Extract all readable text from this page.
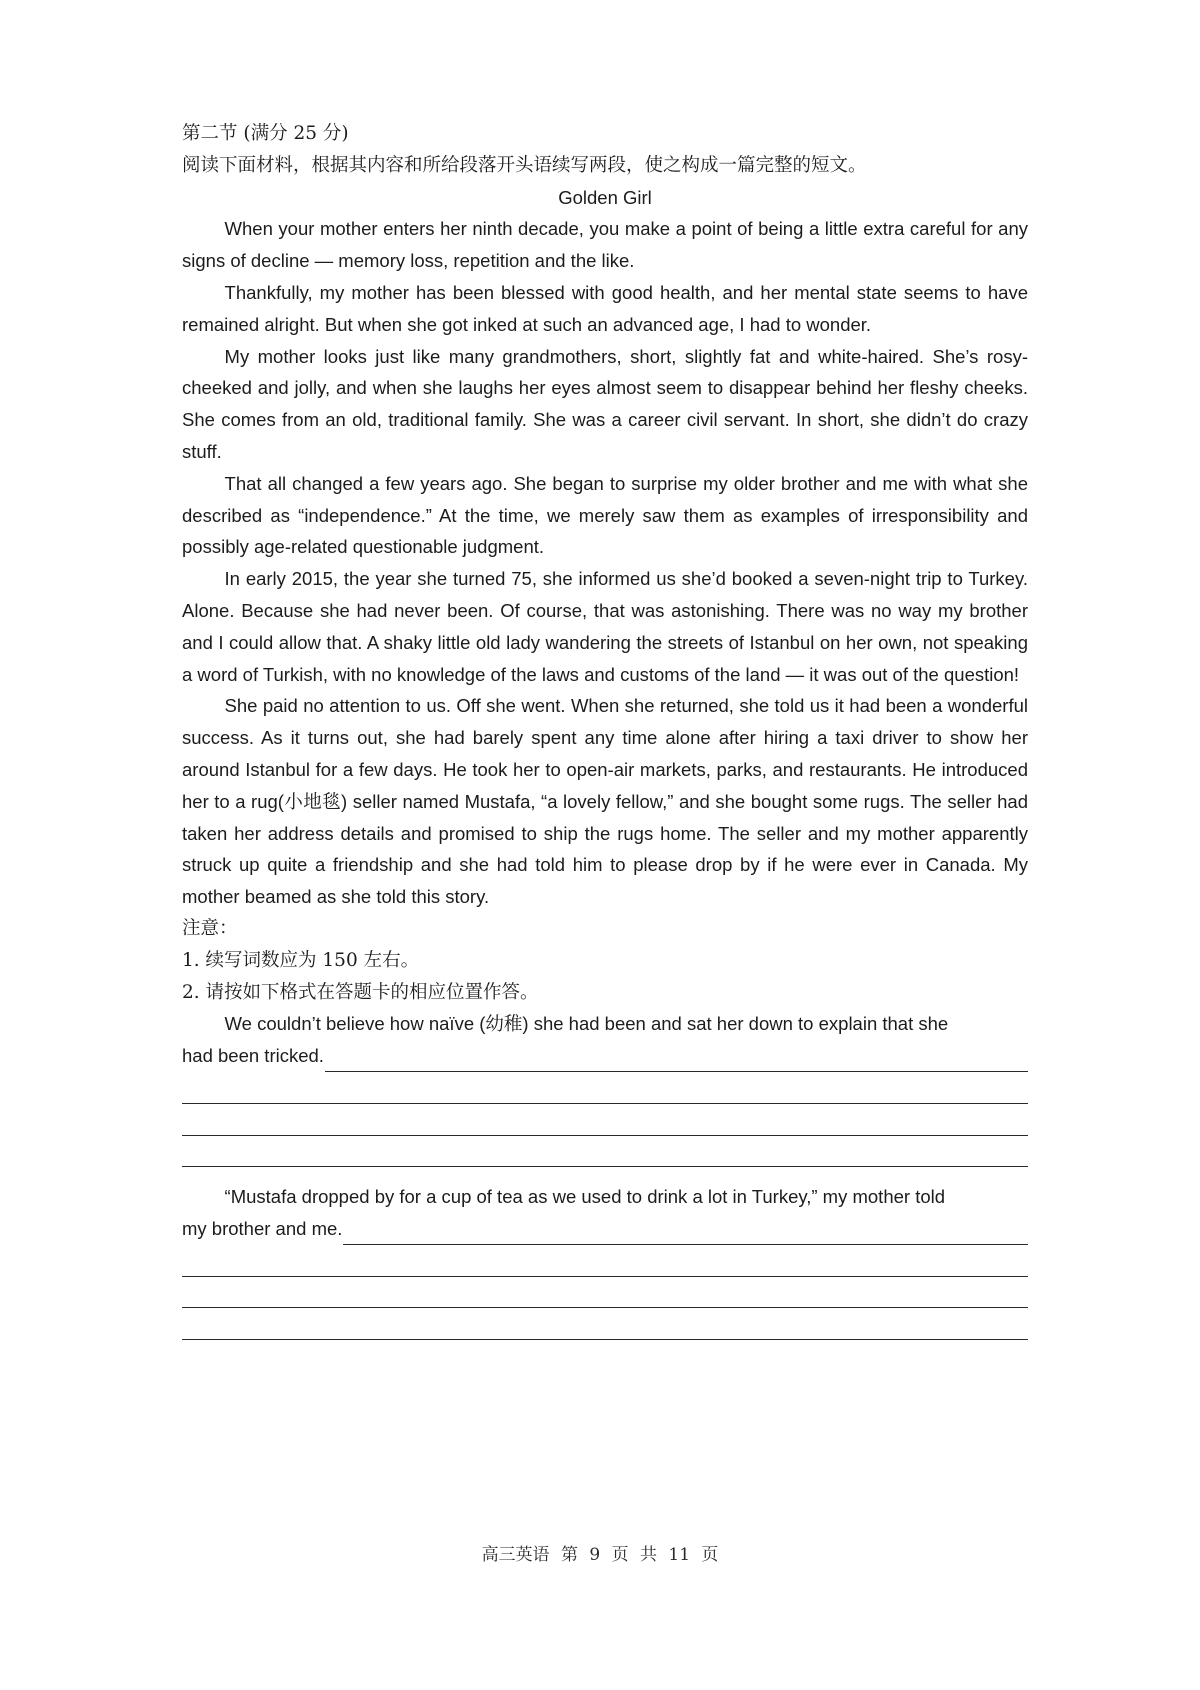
第二节 (满分 25 分)

阅读下面材料，根据其内容和所给段落开头语续写两段，使之构成一篇完整的短文。

Golden Girl

When your mother enters her ninth decade, you make a point of being a little extra careful for any signs of decline — memory loss, repetition and the like.

Thankfully, my mother has been blessed with good health, and her mental state seems to have remained alright. But when she got inked at such an advanced age, I had to wonder.

My mother looks just like many grandmothers, short, slightly fat and white-haired. She’s rosy-cheeked and jolly, and when she laughs her eyes almost seem to disappear behind her fleshy cheeks. She comes from an old, traditional family. She was a career civil servant. In short, she didn’t do crazy stuff.

That all changed a few years ago. She began to surprise my older brother and me with what she described as “independence.” At the time, we merely saw them as examples of irresponsibility and possibly age-related questionable judgment.

In early 2015, the year she turned 75, she informed us she’d booked a seven-night trip to Turkey. Alone. Because she had never been. Of course, that was astonishing. There was no way my brother and I could allow that. A shaky little old lady wandering the streets of Istanbul on her own, not speaking a word of Turkish, with no knowledge of the laws and customs of the land — it was out of the question!

She paid no attention to us. Off she went. When she returned, she told us it had been a wonderful success. As it turns out, she had barely spent any time alone after hiring a taxi driver to show her around Istanbul for a few days. He took her to open-air markets, parks, and restaurants. He introduced her to a rug(小地毯) seller named Mustafa, “a lovely fellow,” and she bought some rugs. The seller had taken her address details and promised to ship the rugs home. The seller and my mother apparently struck up quite a friendship and she had told him to please drop by if he were ever in Canada. My mother beamed as she told this story.

注意：

1. 续写词数应为 150 左右。

2. 请按如下格式在答题卡的相应位置作答。

We couldn’t believe how naïve (幼稚) she had been and sat her down to explain that she

had been tricked.

“Mustafa dropped by for a cup of tea as we used to drink a lot in Turkey,” my mother told

my brother and me.
高三英语 第 9 页 共 11 页
